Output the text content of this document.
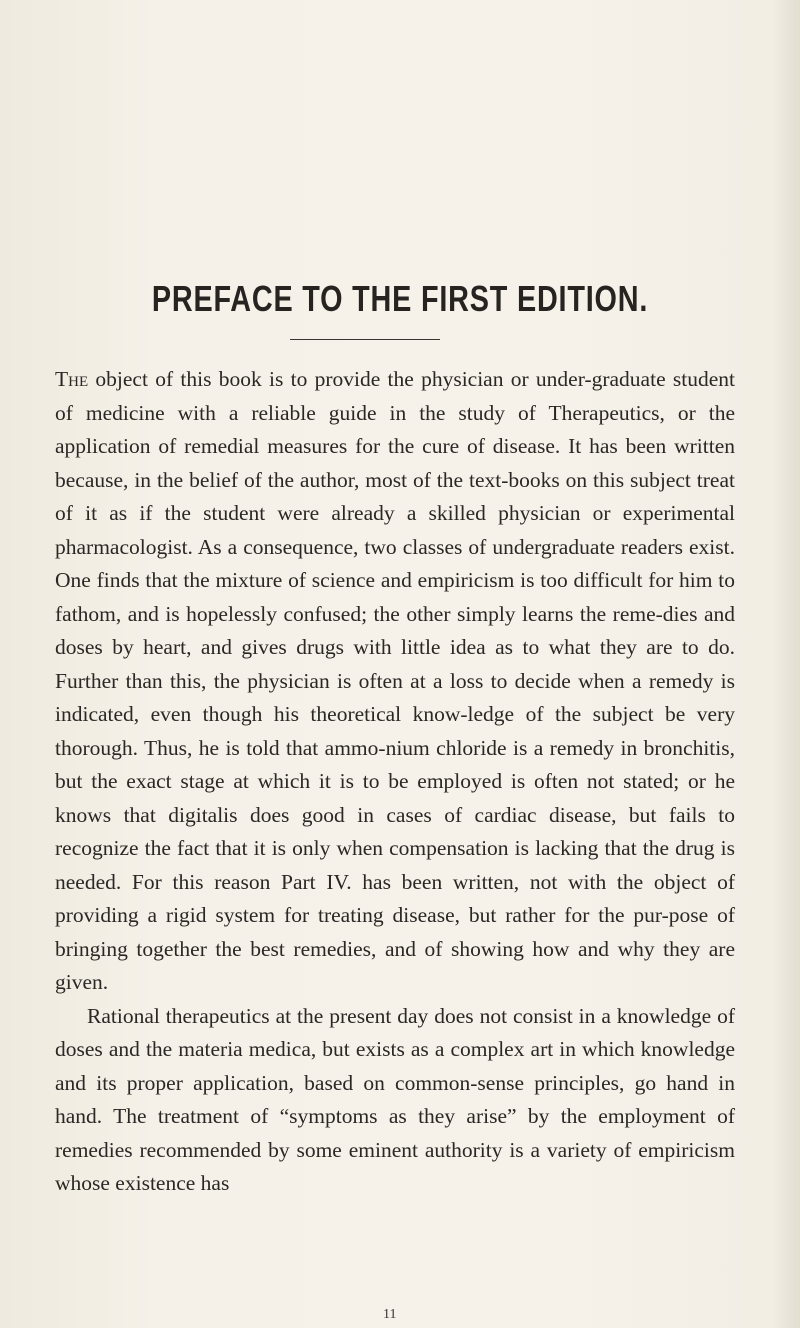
PREFACE TO THE FIRST EDITION.

The object of this book is to provide the physician or under-graduate student of medicine with a reliable guide in the study of Therapeutics, or the application of remedial measures for the cure of disease. It has been written because, in the belief of the author, most of the text-books on this subject treat of it as if the student were already a skilled physician or experimental pharmacologist. As a consequence, two classes of undergraduate readers exist. One finds that the mixture of science and empiricism is too difficult for him to fathom, and is hopelessly confused; the other simply learns the reme-dies and doses by heart, and gives drugs with little idea as to what they are to do. Further than this, the physician is often at a loss to decide when a remedy is indicated, even though his theoretical know-ledge of the subject be very thorough. Thus, he is told that ammo-nium chloride is a remedy in bronchitis, but the exact stage at which it is to be employed is often not stated; or he knows that digitalis does good in cases of cardiac disease, but fails to recognize the fact that it is only when compensation is lacking that the drug is needed. For this reason Part IV. has been written, not with the object of providing a rigid system for treating disease, but rather for the pur-pose of bringing together the best remedies, and of showing how and why they are given.

Rational therapeutics at the present day does not consist in a knowledge of doses and the materia medica, but exists as a complex art in which knowledge and its proper application, based on common-sense principles, go hand in hand. The treatment of “symptoms as they arise” by the employment of remedies recommended by some eminent authority is a variety of empiricism whose existence has

11
